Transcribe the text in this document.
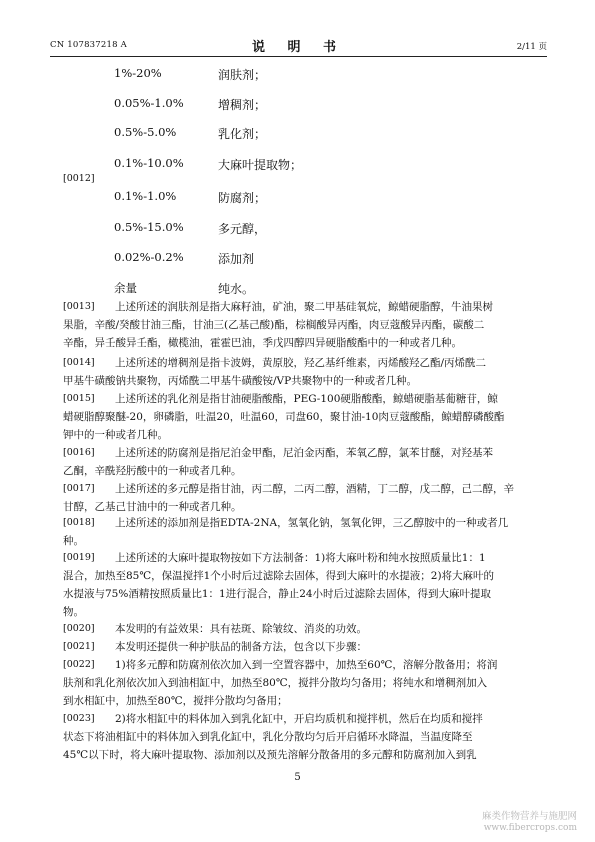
CN 107837218 A	说 明 书	2/11 页
[0012]
1%-20%	润肤剂；
0.05%-1.0%	增稠剂；
0.5%-5.0%	乳化剂；
0.1%-10.0%	大麻叶提取物；
0.1%-1.0%	防腐剂；
0.5%-15.0%	多元醇，
0.02%-0.2%	添加剂
余量	纯水。
[0013] 上述所述的润肤剂是指大麻籽油，矿油，聚二甲基硅氧烷，鲸蜡硬脂醇，牛油果树
果脂，辛酸/癸酸甘油三酯，甘油三(乙基己酸)酯，棕榈酸异丙酯，肉豆蔻酸异丙酯，碳酸二
辛酯，异壬酸异壬酯，橄榄油，霍霍巴油，季戊四醇四异硬脂酸酯中的一种或者几种。
[0014] 上述所述的增稠剂是指卡波姆，黄原胶，羟乙基纤维素，丙烯酸羟乙酯/丙烯酰二
甲基牛磺酸钠共聚物，丙烯酰二甲基牛磺酸铵/VP共聚物中的一种或者几种。
[0015] 上述所述的乳化剂是指甘油硬脂酸酯，PEG-100硬脂酸酯，鲸蜡硬脂基葡糖苷，鲸
蜡硬脂醇聚醚-20，卵磷脂，吐温20，吐温60，司盘60，聚甘油-10肉豆蔻酸酯，鲸蜡醇磷酸酯
钾中的一种或者几种。
[0016] 上述所述的防腐剂是指尼泊金甲酯，尼泊金丙酯，苯氧乙醇，氯苯甘醚，对羟基苯
乙酮，辛酰羟肟酸中的一种或者几种。
[0017] 上述所述的多元醇是指甘油，丙二醇，二丙二醇，酒精，丁二醇，戊二醇，己二醇，辛
甘醇，乙基己甘油中的一种或者几种。
[0018] 上述所述的添加剂是指EDTA-2NA，氢氧化钠，氢氧化钾，三乙醇胺中的一种或者几
种。
[0019] 上述所述的大麻叶提取物按如下方法制备：1)将大麻叶粉和纯水按照质量比1：1
混合，加热至85℃，保温搅拌1个小时后过滤除去固体，得到大麻叶的水提液；2)将大麻叶的
水提液与75%酒精按照质量比1：1进行混合，静止24小时后过滤除去固体，得到大麻叶提取
物。
[0020] 本发明的有益效果：具有祛斑、除皱纹、消炎的功效。
[0021] 本发明还提供一种护肤品的制备方法，包含以下步骤：
[0022] 1)将多元醇和防腐剂依次加入到一空置容器中，加热至60℃，溶解分散备用；将润
肤剂和乳化剂依次加入到油相缸中，加热至80℃，搅拌分散均匀备用；将纯水和增稠剂加入
到水相缸中，加热至80℃，搅拌分散均匀备用；
[0023] 2)将水相缸中的料体加入到乳化缸中，开启均质机和搅拌机，然后在均质和搅拌
状态下将油相缸中的料体加入到乳化缸中，乳化分散均匀后开启循环水降温，当温度降至
45℃以下时，将大麻叶提取物、添加剂以及预先溶解分散备用的多元醇和防腐剂加入到乳
5
麻类作物营养与施肥网
www.fibercrops.com
